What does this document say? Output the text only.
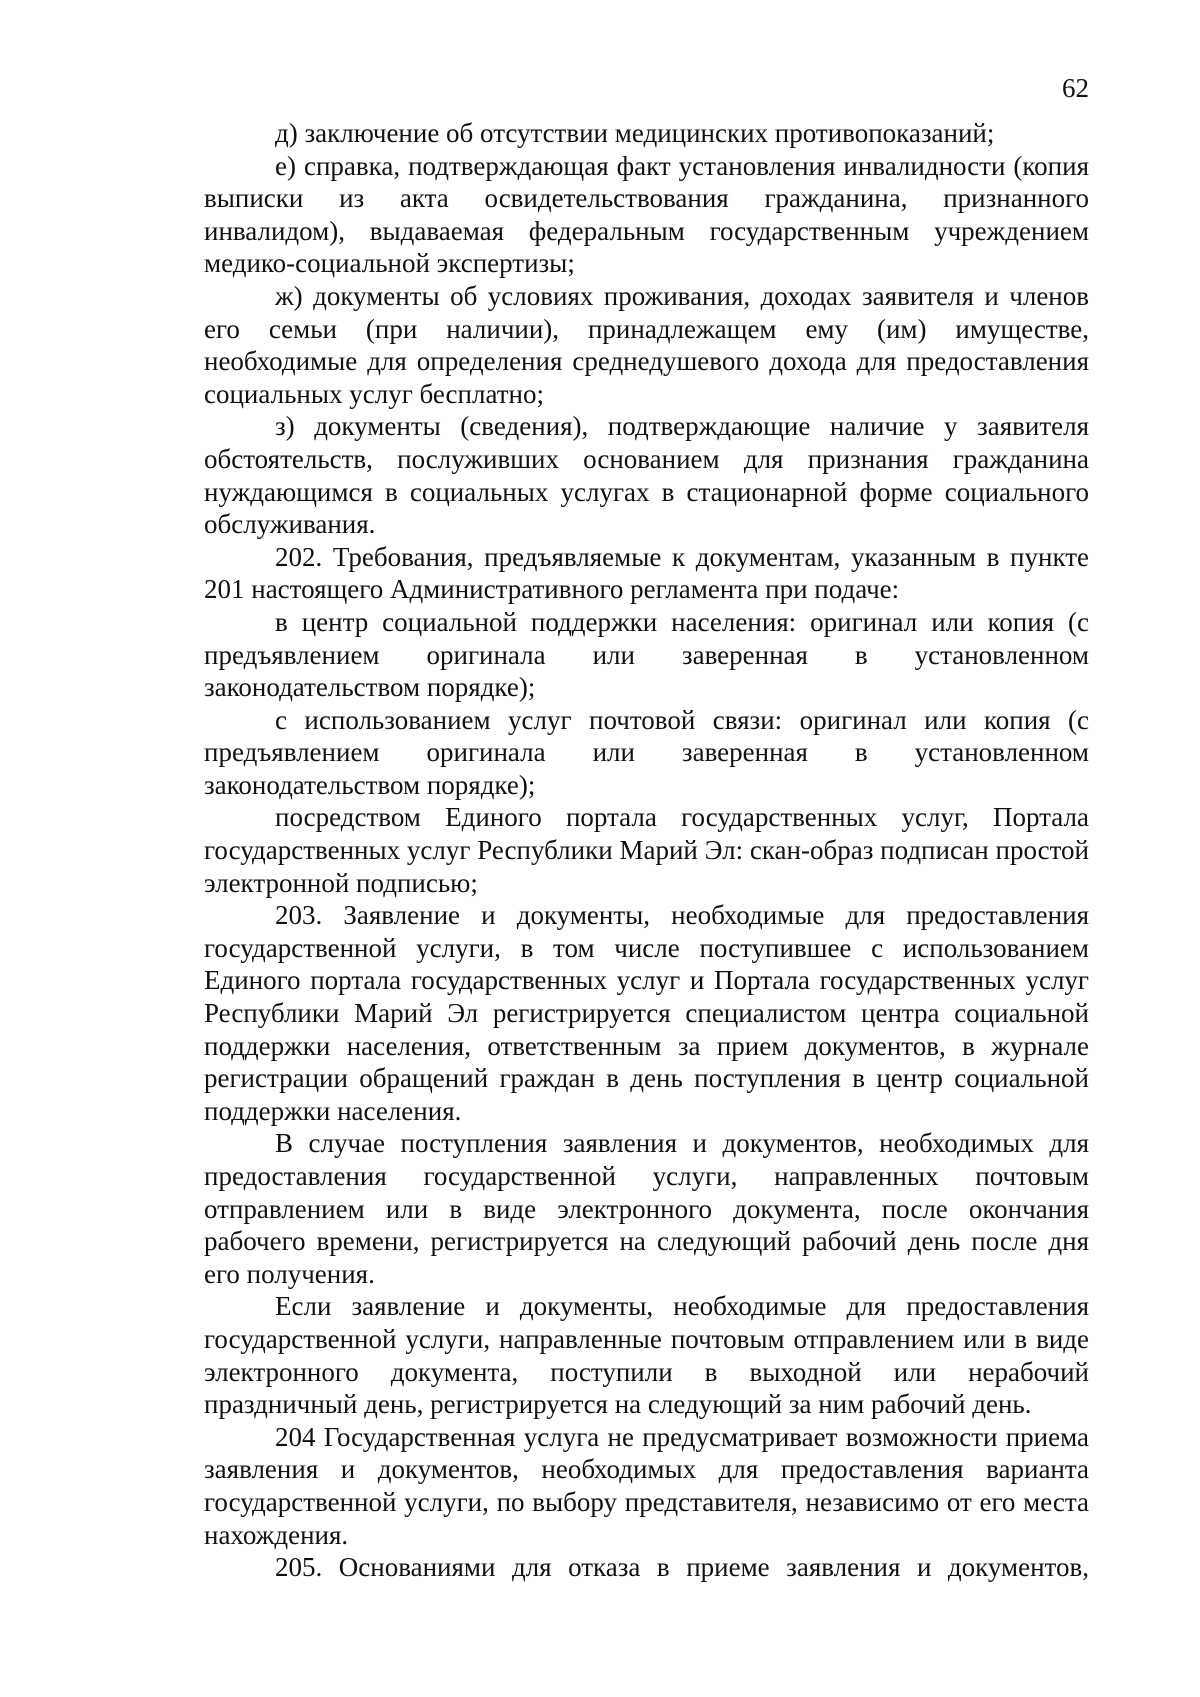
62

д) заключение об отсутствии медицинских противопоказаний;

е) справка, подтверждающая факт установления инвалидности (копия выписки из акта освидетельствования гражданина, признанного инвалидом), выдаваемая федеральным государственным учреждением медико-социальной экспертизы;

ж) документы об условиях проживания, доходах заявителя и членов его семьи (при наличии), принадлежащем ему (им) имуществе, необходимые для определения среднедушевого дохода для предоставления социальных услуг бесплатно;

з) документы (сведения), подтверждающие наличие у заявителя обстоятельств, послуживших основанием для признания гражданина нуждающимся в социальных услугах в стационарной форме социального обслуживания.

202. Требования, предъявляемые к документам, указанным в пункте 201 настоящего Административного регламента при подаче:

в центр социальной поддержки населения: оригинал или копия (с предъявлением оригинала или заверенная в установленном законодательством порядке);

с использованием услуг почтовой связи: оригинал или копия (с предъявлением оригинала или заверенная в установленном законодательством порядке);

посредством Единого портала государственных услуг, Портала государственных услуг Республики Марий Эл: скан-образ подписан простой электронной подписью;

203. Заявление и документы, необходимые для предоставления государственной услуги, в том числе поступившее с использованием Единого портала государственных услуг и Портала государственных услуг Республики Марий Эл регистрируется специалистом центра социальной поддержки населения, ответственным за прием документов, в журнале регистрации обращений граждан в день поступления в центр социальной поддержки населения.

В случае поступления заявления и документов, необходимых для предоставления государственной услуги, направленных почтовым отправлением или в виде электронного документа, после окончания рабочего времени, регистрируется на следующий рабочий день после дня его получения.

Если заявление и документы, необходимые для предоставления государственной услуги, направленные почтовым отправлением или в виде электронного документа, поступили в выходной или нерабочий праздничный день, регистрируется на следующий за ним рабочий день.

204 Государственная услуга не предусматривает возможности приема заявления и документов, необходимых для предоставления варианта государственной услуги, по выбору представителя, независимо от его места нахождения.

205. Основаниями для отказа в приеме заявления и документов,
